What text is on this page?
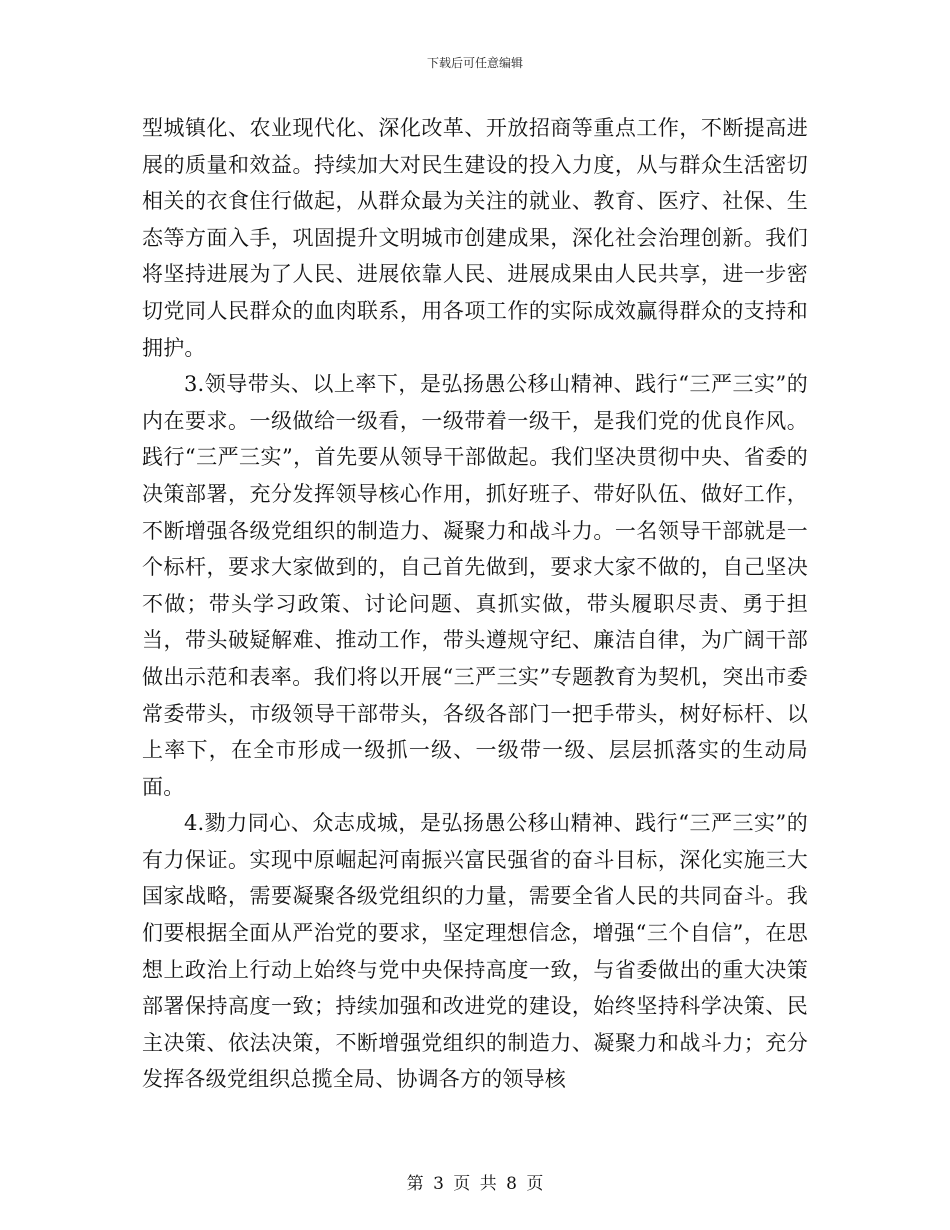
下载后可任意编辑

型城镇化、农业现代化、深化改革、开放招商等重点工作，不断提高进展的质量和效益。持续加大对民生建设的投入力度，从与群众生活密切相关的衣食住行做起，从群众最为关注的就业、教育、医疗、社保、生态等方面入手，巩固提升文明城市创建成果，深化社会治理创新。我们将坚持进展为了人民、进展依靠人民、进展成果由人民共享，进一步密切党同人民群众的血肉联系，用各项工作的实际成效赢得群众的支持和拥护。

3.领导带头、以上率下，是弘扬愚公移山精神、践行“三严三实”的内在要求。一级做给一级看，一级带着一级干，是我们党的优良作风。践行“三严三实”，首先要从领导干部做起。我们坚决贯彻中央、省委的决策部署，充分发挥领导核心作用，抓好班子、带好队伍、做好工作，不断增强各级党组织的制造力、凝聚力和战斗力。一名领导干部就是一个标杆，要求大家做到的，自己首先做到，要求大家不做的，自己坚决不做；带头学习政策、讨论问题、真抓实做，带头履职尽责、勇于担当，带头破疑解难、推动工作，带头遵规守纪、廉洁自律，为广阔干部做出示范和表率。我们将以开展“三严三实”专题教育为契机，突出市委常委带头，市级领导干部带头，各级各部门一把手带头，树好标杆、以上率下，在全市形成一级抓一级、一级带一级、层层抓落实的生动局面。

4.勠力同心、众志成城，是弘扬愚公移山精神、践行“三严三实”的有力保证。实现中原崛起河南振兴富民强省的奋斗目标，深化实施三大国家战略，需要凝聚各级党组织的力量，需要全省人民的共同奋斗。我们要根据全面从严治党的要求，坚定理想信念，增强“三个自信”，在思想上政治上行动上始终与党中央保持高度一致，与省委做出的重大决策部署保持高度一致；持续加强和改进党的建设，始终坚持科学决策、民主决策、依法决策，不断增强党组织的制造力、凝聚力和战斗力；充分发挥各级党组织总揽全局、协调各方的领导核

第 3 页 共 8 页
